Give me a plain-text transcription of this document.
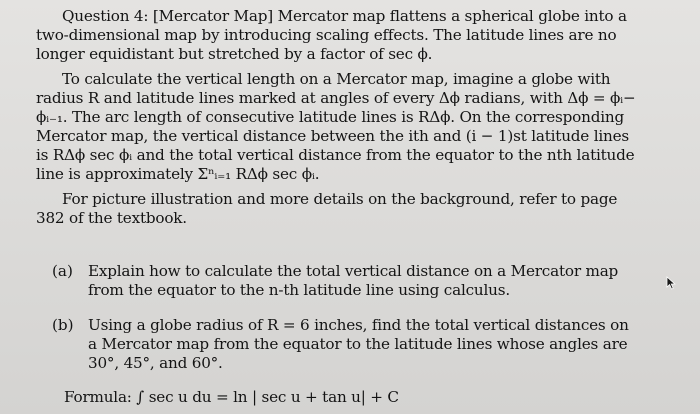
Question 4: [Mercator Map] Mercator map flattens a spherical globe into a
two-dimensional map by introducing scaling effects. The latitude lines are no
longer equidistant but stretched by a factor of sec ϕ.
To calculate the vertical length on a Mercator map, imagine a globe with
radius R and latitude lines marked at angles of every Δϕ radians, with Δϕ = ϕᵢ−
ϕᵢ₋₁. The arc length of consecutive latitude lines is RΔϕ. On the corresponding
Mercator map, the vertical distance between the ith and (i − 1)st latitude lines
is RΔϕ sec ϕᵢ and the total vertical distance from the equator to the nth latitude
line is approximately Σⁿᵢ₌₁ RΔϕ sec ϕᵢ.
For picture illustration and more details on the background, refer to page
382 of the textbook.
(a) Explain how to calculate the total vertical distance on a Mercator map
from the equator to the n-th latitude line using calculus.
(b) Using a globe radius of R = 6 inches, find the total vertical distances on
a Mercator map from the equator to the latitude lines whose angles are
30°, 45°, and 60°.
Formula: ∫ sec u du = ln | sec u + tan u| + C
